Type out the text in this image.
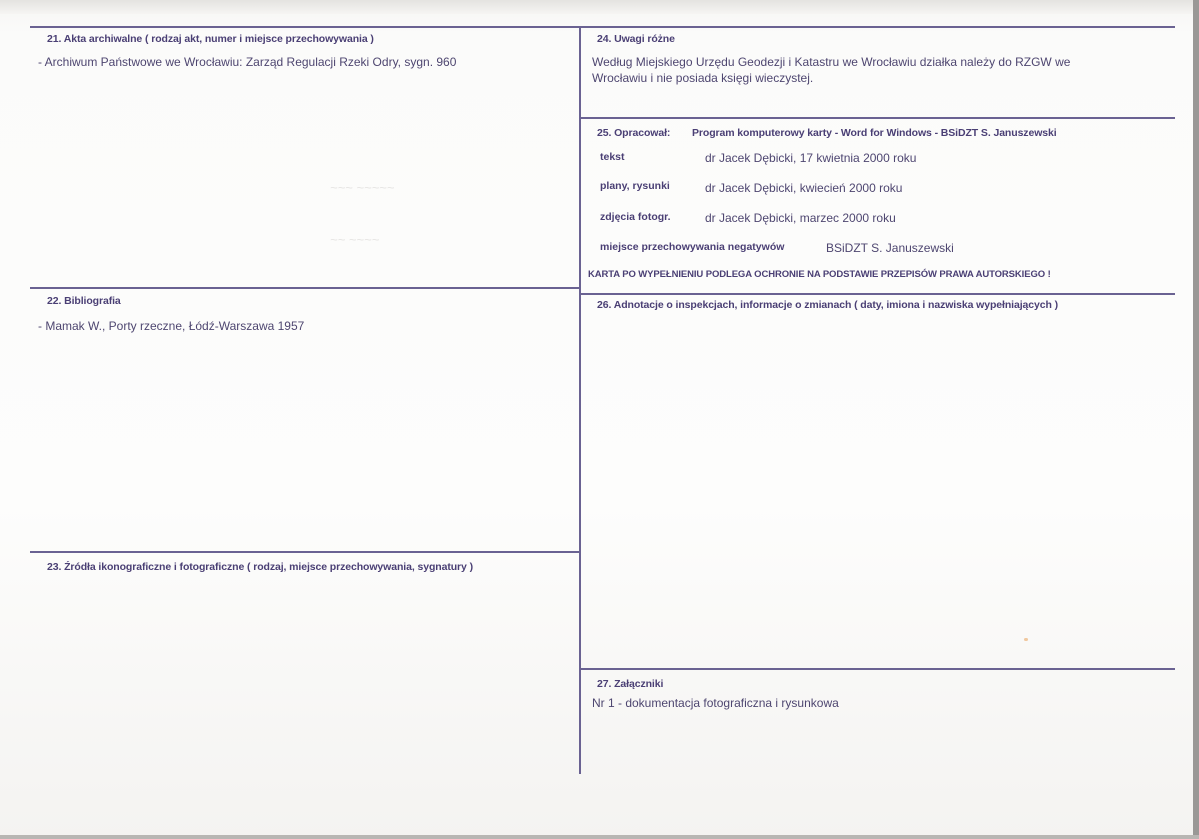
~~~ ~~~~~
~~ ~~~~
21. Akta archiwalne ( rodzaj akt, numer i miejsce przechowywania )
- Archiwum Państwowe we Wrocławiu: Zarząd Regulacji Rzeki Odry, sygn. 960
22. Bibliografia
- Mamak W., Porty rzeczne, Łódź-Warszawa 1957
23. Źródła ikonograficzne i fotograficzne ( rodzaj, miejsce przechowywania, sygnatury )
24. Uwagi różne
Według Miejskiego Urzędu Geodezji i Katastru we Wrocławiu działka należy do RZGW we
Wrocławiu i nie posiada księgi wieczystej.
25. Opracował: Program komputerowy karty - Word for Windows - BSiDZT S. Januszewski
tekst	dr Jacek Dębicki, 17 kwietnia 2000 roku
plany, rysunki	dr Jacek Dębicki, kwiecień 2000 roku
zdjęcia fotogr.	dr Jacek Dębicki, marzec 2000 roku
miejsce przechowywania negatywów	BSiDZT S. Januszewski
KARTA PO WYPEŁNIENIU PODLEGA OCHRONIE NA PODSTAWIE PRZEPISÓW PRAWA AUTORSKIEGO !
26. Adnotacje o inspekcjach, informacje o zmianach ( daty, imiona i nazwiska wypełniających )
27. Załączniki
Nr 1 - dokumentacja fotograficzna i rysunkowa
